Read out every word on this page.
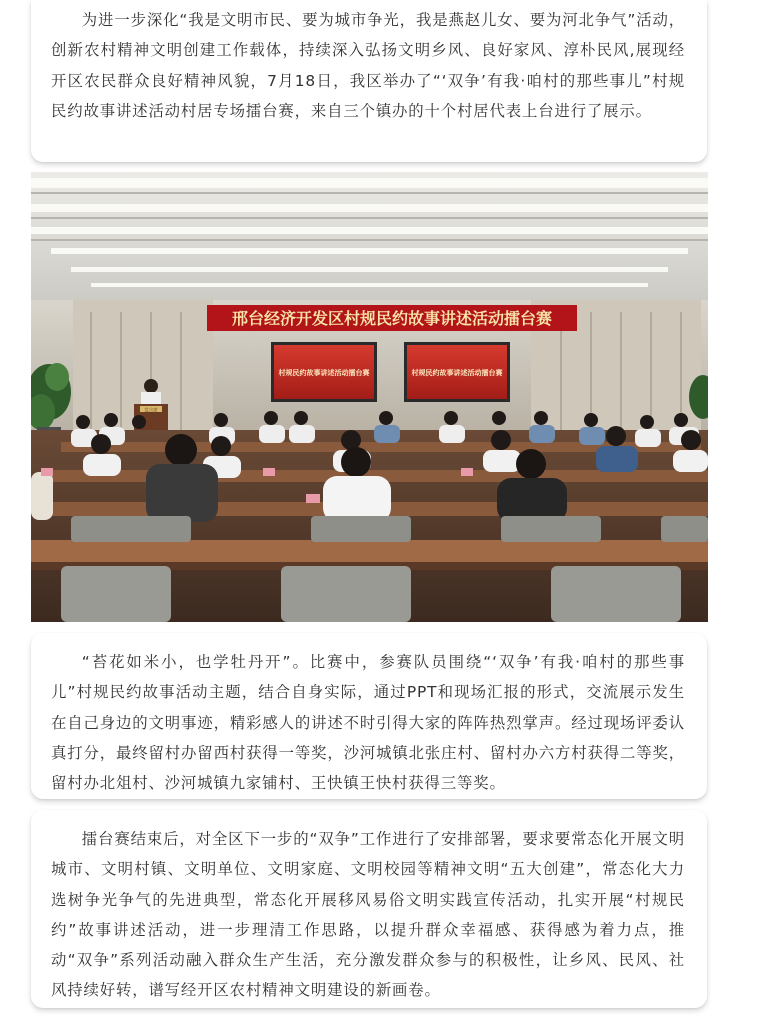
为进一步深化“我是文明市民、要为城市争光，我是燕赵儿女、要为河北争气”活动，创新农村精神文明创建工作载体，持续深入弘扬文明乡风、良好家风、淳朴民风,展现经开区农民群众良好精神风貌，7月18日，我区举办了“‘双争’有我·咱村的那些事儿”村规民约故事讲述活动村居专场擂台赛，来自三个镇办的十个村居代表上台进行了展示。

邢台经济开发区村规民约故事讲述活动擂台赛
村规民约故事讲述活动擂台赛	村规民约故事讲述活动擂台赛
发言席

“苔花如米小，也学牡丹开”。比赛中，参赛队员围绕“‘双争’有我·咱村的那些事儿”村规民约故事活动主题，结合自身实际，通过PPT和现场汇报的形式，交流展示发生在自己身边的文明事迹，精彩感人的讲述不时引得大家的阵阵热烈掌声。经过现场评委认真打分，最终留村办留西村获得一等奖，沙河城镇北张庄村、留村办六方村获得二等奖，留村办北俎村、沙河城镇九家铺村、王快镇王快村获得三等奖。

擂台赛结束后，对全区下一步的“双争”工作进行了安排部署，要求要常态化开展文明城市、文明村镇、文明单位、文明家庭、文明校园等精神文明“五大创建”，常态化大力选树争光争气的先进典型，常态化开展移风易俗文明实践宣传活动，扎实开展“村规民约”故事讲述活动，进一步理清工作思路，以提升群众幸福感、获得感为着力点，推动“双争”系列活动融入群众生产生活，充分激发群众参与的积极性，让乡风、民风、社风持续好转，谱写经开区农村精神文明建设的新画卷。
